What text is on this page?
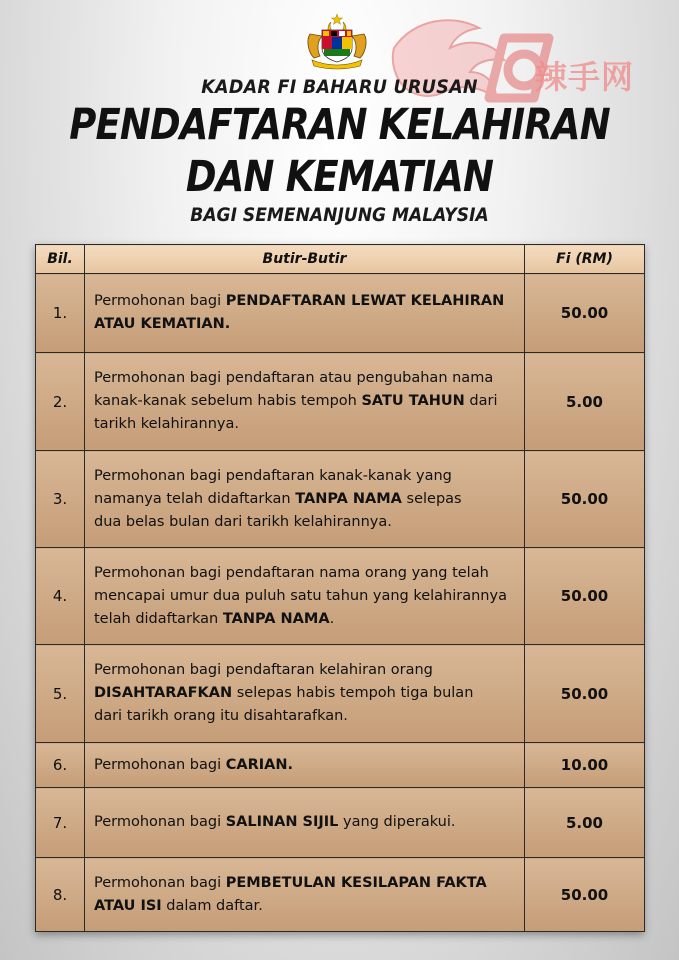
辣手网
KADAR FI BAHARU URUSAN
PENDAFTARAN KELAHIRAN
DAN KEMATIAN
BAGI SEMENANJUNG MALAYSIA
Bil.	Butir-Butir	Fi (RM)
1.	Permohonan bagi PENDAFTARAN LEWAT KELAHIRAN
ATAU KEMATIAN.	50.00
2.	Permohonan bagi pendaftaran atau pengubahan nama
kanak-kanak sebelum habis tempoh SATU TAHUN dari
tarikh kelahirannya.	5.00
3.	Permohonan bagi pendaftaran kanak-kanak yang
namanya telah didaftarkan TANPA NAMA selepas
dua belas bulan dari tarikh kelahirannya.	50.00
4.	Permohonan bagi pendaftaran nama orang yang telah
mencapai umur dua puluh satu tahun yang kelahirannya
telah didaftarkan TANPA NAMA.	50.00
5.	Permohonan bagi pendaftaran kelahiran orang
DISAHTARAFKAN selepas habis tempoh tiga bulan
dari tarikh orang itu disahtarafkan.	50.00
6.	Permohonan bagi CARIAN.	10.00
7.	Permohonan bagi SALINAN SIJIL yang diperakui.	5.00
8.	Permohonan bagi PEMBETULAN KESILAPAN FAKTA
ATAU ISI dalam daftar.	50.00
